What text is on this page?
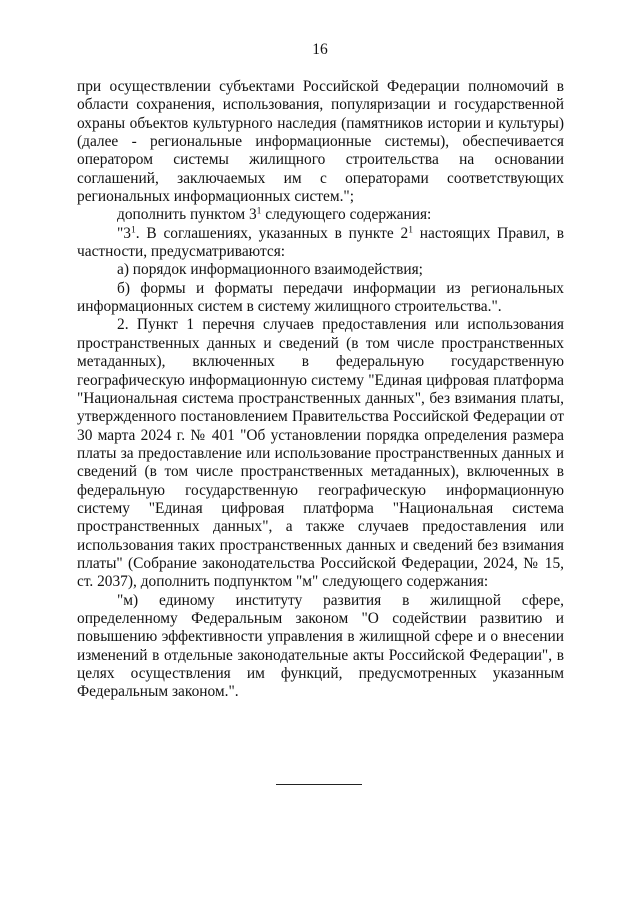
16

при осуществлении субъектами Российской Федерации полномочий в области сохранения, использования, популяризации и государственной охраны объектов культурного наследия (памятников истории и культуры) (далее - региональные информационные системы), обеспечивается оператором системы жилищного строительства на основании соглашений, заключаемых им с операторами соответствующих региональных информационных систем.";

дополнить пунктом $3^1$ следующего содержания:

"$3^1$. В соглашениях, указанных в пункте $2^1$ настоящих Правил, в частности, предусматриваются:

а) порядок информационного взаимодействия;

б) формы и форматы передачи информации из региональных информационных систем в систему жилищного строительства.".

2. Пункт 1 перечня случаев предоставления или использования пространственных данных и сведений (в том числе пространственных метаданных), включенных в федеральную государственную географическую информационную систему "Единая цифровая платформа "Национальная система пространственных данных", без взимания платы, утвержденного постановлением Правительства Российской Федерации от 30 марта 2024 г. № 401 "Об установлении порядка определения размера платы за предоставление или использование пространственных данных и сведений (в том числе пространственных метаданных), включенных в федеральную государственную географическую информационную систему "Единая цифровая платформа "Национальная система пространственных данных", а также случаев предоставления или использования таких пространственных данных и сведений без взимания платы" (Собрание законодательства Российской Федерации, 2024, № 15, ст. 2037), дополнить подпунктом "м" следующего содержания:

"м) единому институту развития в жилищной сфере, определенному Федеральным законом "О содействии развитию и повышению эффективности управления в жилищной сфере и о внесении изменений в отдельные законодательные акты Российской Федерации", в целях осуществления им функций, предусмотренных указанным Федеральным законом.".
